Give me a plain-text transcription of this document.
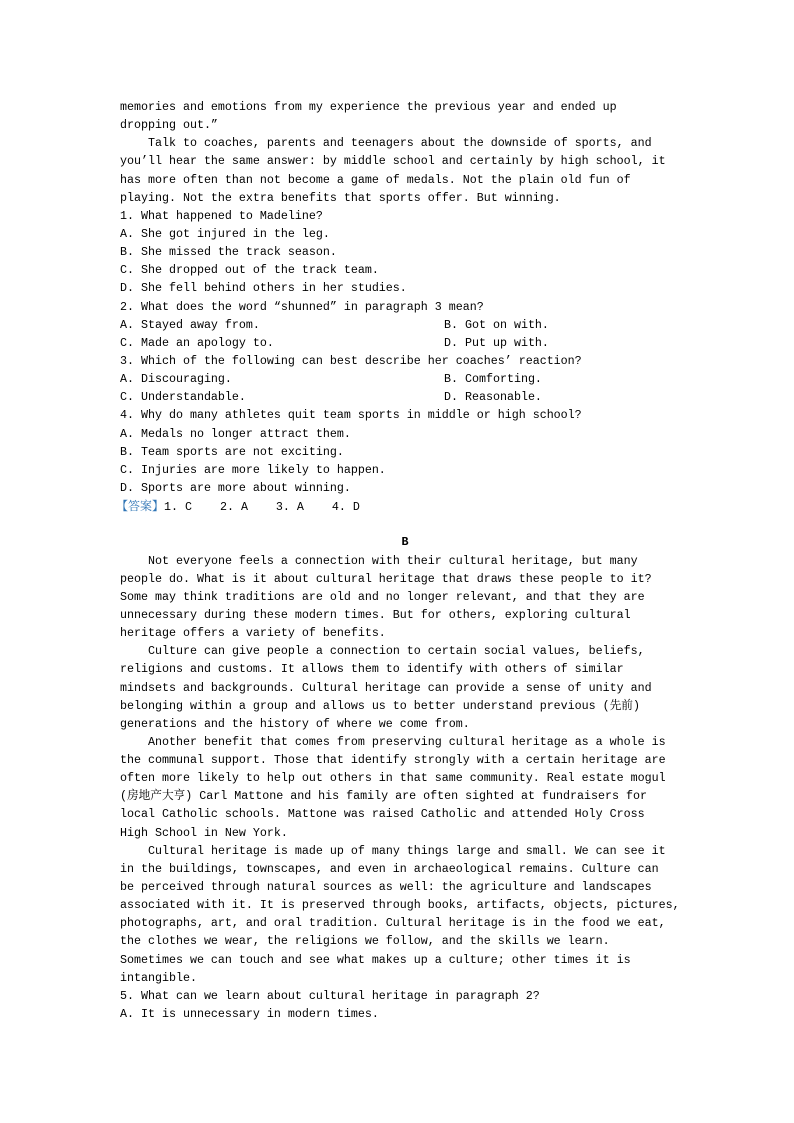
memories and emotions from my experience the previous year and ended up
dropping out.”
Talk to coaches, parents and teenagers about the downside of sports, and
you’ll hear the same answer: by middle school and certainly by high school, it
has more often than not become a game of medals. Not the plain old fun of
playing. Not the extra benefits that sports offer. But winning.
1. What happened to Madeline?
A. She got injured in the leg.
B. She missed the track season.
C. She dropped out of the track team.
D. She fell behind others in her studies.
2. What does the word “shunned” in paragraph 3 mean?
A. Stayed away from.	B. Got on with.
C. Made an apology to.	D. Put up with.
3. Which of the following can best describe her coaches’ reaction?
A. Discouraging.	B. Comforting.
C. Understandable.	D. Reasonable.
4. Why do many athletes quit team sports in middle or high school?
A. Medals no longer attract them.
B. Team sports are not exciting.
C. Injuries are more likely to happen.
D. Sports are more about winning.
【答案】1. C    2. A    3. A    4. D
B
Not everyone feels a connection with their cultural heritage, but many
people do. What is it about cultural heritage that draws these people to it?
Some may think traditions are old and no longer relevant, and that they are
unnecessary during these modern times. But for others, exploring cultural
heritage offers a variety of benefits.
Culture can give people a connection to certain social values, beliefs,
religions and customs. It allows them to identify with others of similar
mindsets and backgrounds. Cultural heritage can provide a sense of unity and
belonging within a group and allows us to better understand previous (先前)
generations and the history of where we come from.
Another benefit that comes from preserving cultural heritage as a whole is
the communal support. Those that identify strongly with a certain heritage are
often more likely to help out others in that same community. Real estate mogul
(房地产大亨) Carl Mattone and his family are often sighted at fundraisers for
local Catholic schools. Mattone was raised Catholic and attended Holy Cross
High School in New York.
Cultural heritage is made up of many things large and small. We can see it
in the buildings, townscapes, and even in archaeological remains. Culture can
be perceived through natural sources as well: the agriculture and landscapes
associated with it. It is preserved through books, artifacts, objects, pictures,
photographs, art, and oral tradition. Cultural heritage is in the food we eat,
the clothes we wear, the religions we follow, and the skills we learn.
Sometimes we can touch and see what makes up a culture; other times it is
intangible.
5. What can we learn about cultural heritage in paragraph 2?
A. It is unnecessary in modern times.
